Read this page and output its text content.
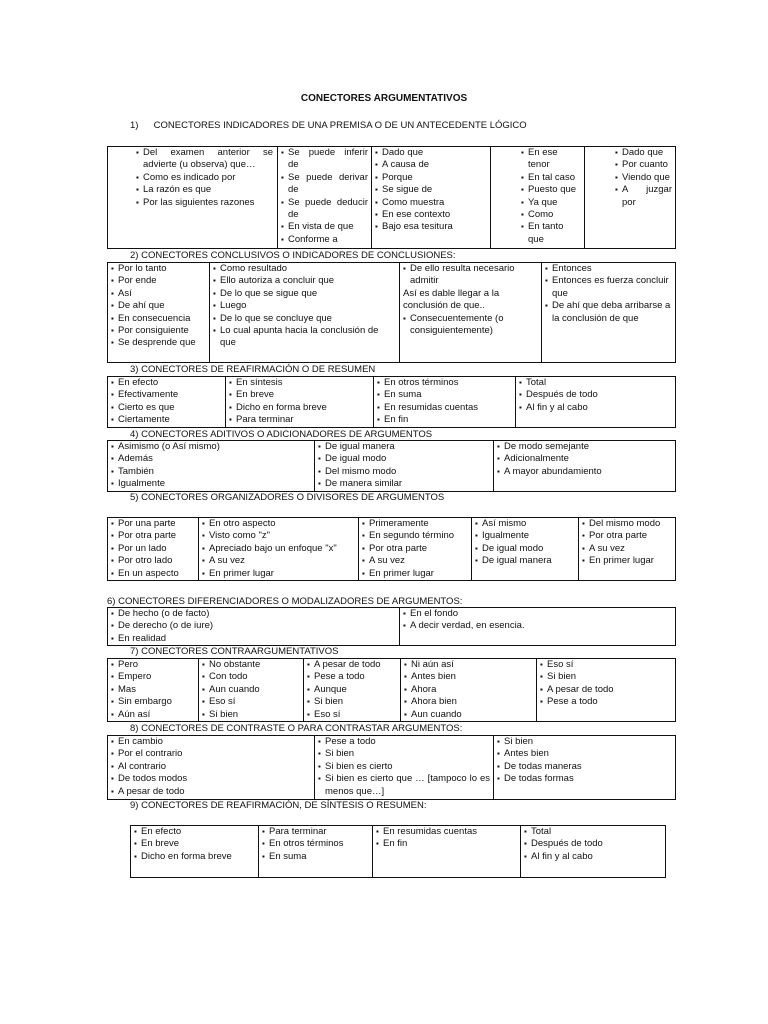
CONECTORES ARGUMENTATIVOS
1) CONECTORES INDICADORES DE UNA PREMISA O DE UN ANTECEDENTE LÓGICO
▪ Del examen anterior se advierte (u observa) que…
▪ Como es indicado por
▪ La razón es que
▪ Por las siguientes razones

▪ Se puede inferir de
▪ Se puede derivar de
▪ Se puede deducir de
▪ En vista de que
▪ Conforme a

▪ Dado que
▪ A causa de
▪ Porque
▪ Se sigue de
▪ Como muestra
▪ En ese contexto
▪ Bajo esa tesitura

▪ En ese tenor
▪ En tal caso
▪ Puesto que
▪ Ya que
▪ Como
▪ En tanto que

▪ Dado que
▪ Por cuanto
▪ Viendo que
▪ A juzgar por
2) CONECTORES CONCLUSIVOS O INDICADORES DE CONCLUSIONES:
▪ Por lo tanto
▪ Por ende
▪ Así
▪ De ahí que
▪ En consecuencia
▪ Por consiguiente
▪ Se desprende que

▪ Como resultado
▪ Ello autoriza a concluir que
▪ De lo que se sigue que
▪ Luego
▪ De lo que se concluye que
▪ Lo cual apunta hacia la conclusión de que

▪ De ello resulta necesario admitir
Así es dable llegar a la conclusión de que..
▪ Consecuentemente (o consiguientemente)

▪ Entonces
▪ Entonces es fuerza concluir que
▪ De ahí que deba arribarse a la conclusión de que
3) CONECTORES DE REAFIRMACIÓN O DE RESUMEN
▪ En efecto
▪ Efectivamente
▪ Cierto es que
▪ Ciertamente

▪ En síntesis
▪ En breve
▪ Dicho en forma breve
▪ Para terminar

▪ En otros términos
▪ En suma
▪ En resumidas cuentas
▪ En fin

▪ Total
▪ Después de todo
▪ Al fin y al cabo
4) CONECTORES ADITIVOS O ADICIONADORES DE ARGUMENTOS
▪ Asimismo (o Así mismo)
▪ Además
▪ También
▪ Igualmente

▪ De igual manera
▪ De igual modo
▪ Del mismo modo
▪ De manera similar

▪ De modo semejante
▪ Adicionalmente
▪ A mayor abundamiento
5) CONECTORES ORGANIZADORES O DIVISORES DE ARGUMENTOS
▪ Por una parte
▪ Por otra parte
▪ Por un lado
▪ Por otro lado
▪ En un aspecto

▪ En otro aspecto
▪ Visto como "z"
▪ Apreciado bajo un enfoque "x"
▪ A su vez
▪ En primer lugar

▪ Primeramente
▪ En segundo término
▪ Por otra parte
▪ A su vez
▪ En primer lugar

▪ Así mismo
▪ Igualmente
▪ De igual modo
▪ De igual manera

▪ Del mismo modo
▪ Por otra parte
▪ A su vez
▪ En primer lugar
6) CONECTORES DIFERENCIADORES O MODALIZADORES DE ARGUMENTOS:
▪ De hecho (o de facto)
▪ De derecho (o de iure)
▪ En realidad

▪ En el fondo
▪ A decir verdad, en esencia.
7) CONECTORES CONTRAARGUMENTATIVOS
▪ Pero
▪ Empero
▪ Mas
▪ Sin embargo
▪ Aún así

▪ No obstante
▪ Con todo
▪ Aun cuando
▪ Eso sí
▪ Si bien

▪ A pesar de todo
▪ Pese a todo
▪ Aunque
▪ Si bien
▪ Eso sí

▪ Ni aún así
▪ Antes bien
▪ Ahora
▪ Ahora bien
▪ Aun cuando

▪ Eso sí
▪ Si bien
▪ A pesar de todo
▪ Pese a todo
8) CONECTORES DE CONTRASTE O PARA CONTRASTAR ARGUMENTOS:
▪ En cambio
▪ Por el contrario
▪ Al contrario
▪ De todos modos
▪ A pesar de todo

▪ Pese a todo
▪ Si bien
▪ Si bien es cierto
▪ Si bien es cierto que … [tampoco lo es menos que…]

▪ Si bien
▪ Antes bien
▪ De todas maneras
▪ De todas formas
9) CONECTORES DE REAFIRMACIÓN, DE SÍNTESIS O RESUMEN:
▪ En efecto
▪ En breve
▪ Dicho en forma breve

▪ Para terminar
▪ En otros términos
▪ En suma

▪ En resumidas cuentas
▪ En fin

▪ Total
▪ Después de todo
▪ Al fin y al cabo
